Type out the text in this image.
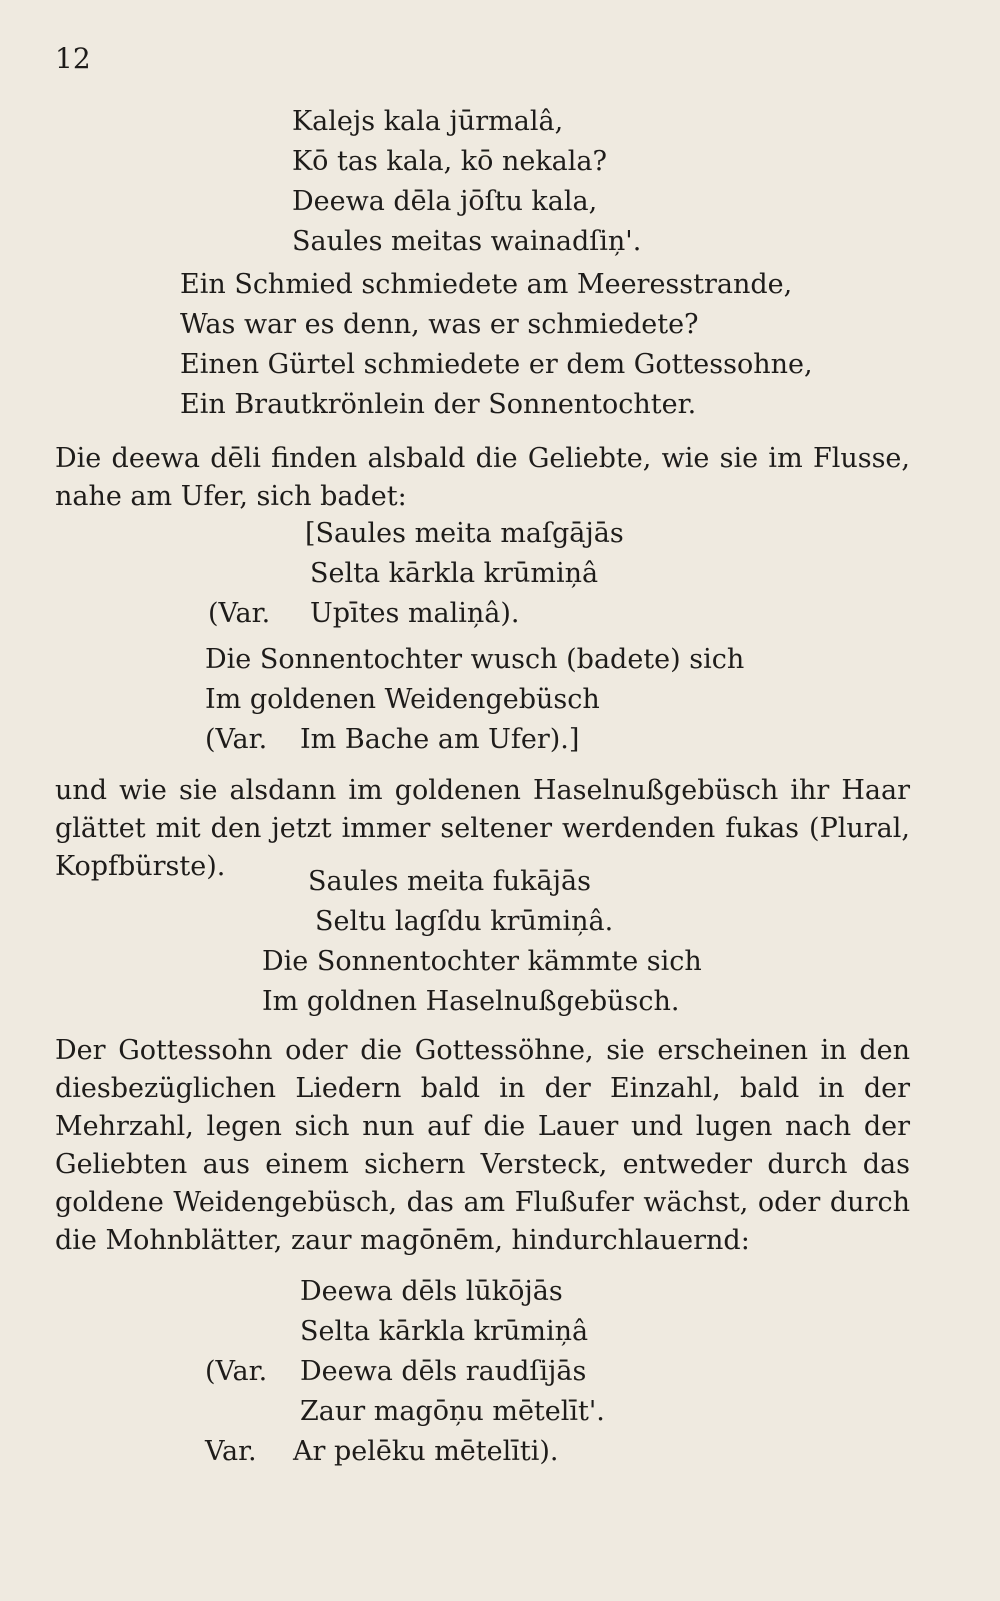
12
Kalejs kala jūrmalâ,
Kō tas kala, kō nekala?
Deewa dēla jōſtu kala,
Saules meitas wainadſiņ'.
Ein Schmied schmiedete am Meeresstrande,
Was war es denn, was er schmiedete?
Einen Gürtel schmiedete er dem Gottessohne,
Ein Brautkrönlein der Sonnentochter.

Die deewa dēli finden alsbald die Geliebte, wie sie im Flusse, nahe am Ufer, sich badet:

[Saules meita maſgājās
Selta kārkla krūmiņâ
(Var. Upītes maliņâ).
Die Sonnentochter wusch (badete) sich
Im goldenen Weidengebüsch
(Var. Im Bache am Ufer).]

und wie sie alsdann im goldenen Haselnußgebüsch ihr Haar glättet mit den jetzt immer seltener werdenden fukas (Plural, Kopfbürste).	Saules meita fukājās
Seltu lagſdu krūmiņâ.
Die Sonnentochter kämmte sich
Im goldnen Haselnußgebüsch.

Der Gottessohn oder die Gottessöhne, sie erscheinen in den diesbezüglichen Liedern bald in der Einzahl, bald in der Mehrzahl, legen sich nun auf die Lauer und lugen nach der Geliebten aus einem sichern Versteck, entweder durch das goldene Weidengebüsch, das am Flußufer wächst, oder durch die Mohnblätter, zaur magōnēm, hindurchlauernd:

Deewa dēls lūkōjās
Selta kārkla krūmiņâ
(Var. Deewa dēls raudſijās
Zaur magōņu mētelīt'.
Var. Ar pelēku mētelīti).
